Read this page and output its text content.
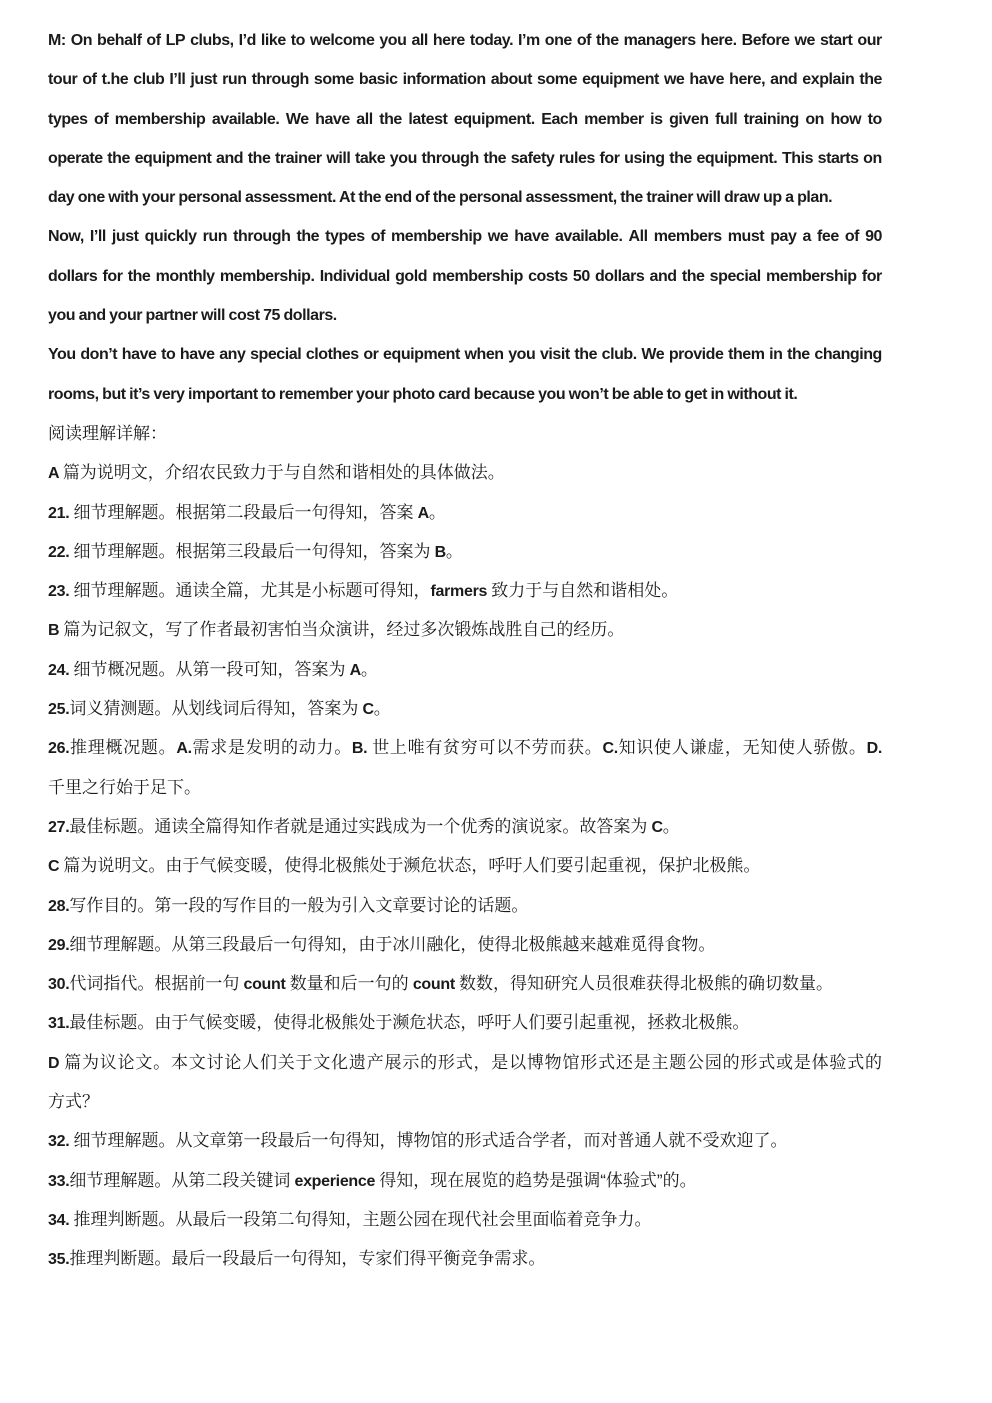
M: On behalf of LP clubs, I’d like to welcome you all here today. I’m one of the managers here. Before we start our
tour of t.he club I’ll just run through some basic information about some equipment we have here, and explain the
types of membership available. We have all the latest equipment. Each member is given full training on how to
operate the equipment and the trainer will take you through the safety rules for using the equipment. This starts on
day one with your personal assessment. At the end of the personal assessment, the trainer will draw up a plan.
Now, I’ll just quickly run through the types of membership we have available. All members must pay a fee of 90
dollars for the monthly membership. Individual gold membership costs 50 dollars and the special membership for
you and your partner will cost 75 dollars.
You don’t have to have any special clothes or equipment when you visit the club. We provide them in the changing
rooms, but it’s very important to remember your photo card because you won’t be able to get in without it.
阅读理解详解：
A 篇为说明文，介绍农民致力于与自然和谐相处的具体做法。
21. 细节理解题。根据第二段最后一句得知，答案 A。
22. 细节理解题。根据第三段最后一句得知，答案为 B。
23. 细节理解题。通读全篇，尤其是小标题可得知，farmers 致力于与自然和谐相处。
B 篇为记叙文，写了作者最初害怕当众演讲，经过多次锻炼战胜自己的经历。
24. 细节概况题。从第一段可知，答案为 A。
25.词义猜测题。从划线词后得知，答案为 C。
26.推理概况题。A.需求是发明的动力。B. 世上唯有贫穷可以不劳而获。C.知识使人谦虚，无知使人骄傲。D.
千里之行始于足下。
27.最佳标题。通读全篇得知作者就是通过实践成为一个优秀的演说家。故答案为 C。
C 篇为说明文。由于气候变暖，使得北极熊处于濒危状态，呼吁人们要引起重视，保护北极熊。
28.写作目的。第一段的写作目的一般为引入文章要讨论的话题。
29.细节理解题。从第三段最后一句得知，由于冰川融化，使得北极熊越来越难觅得食物。
30.代词指代。根据前一句 count 数量和后一句的 count 数数，得知研究人员很难获得北极熊的确切数量。
31.最佳标题。由于气候变暖，使得北极熊处于濒危状态，呼吁人们要引起重视，拯救北极熊。
D 篇为议论文。本文讨论人们关于文化遗产展示的形式，是以博物馆形式还是主题公园的形式或是体验式的
方式？
32. 细节理解题。从文章第一段最后一句得知，博物馆的形式适合学者，而对普通人就不受欢迎了。
33.细节理解题。从第二段关键词 experience 得知，现在展览的趋势是强调“体验式”的。
34. 推理判断题。从最后一段第二句得知，主题公园在现代社会里面临着竞争力。
35.推理判断题。最后一段最后一句得知，专家们得平衡竞争需求。
